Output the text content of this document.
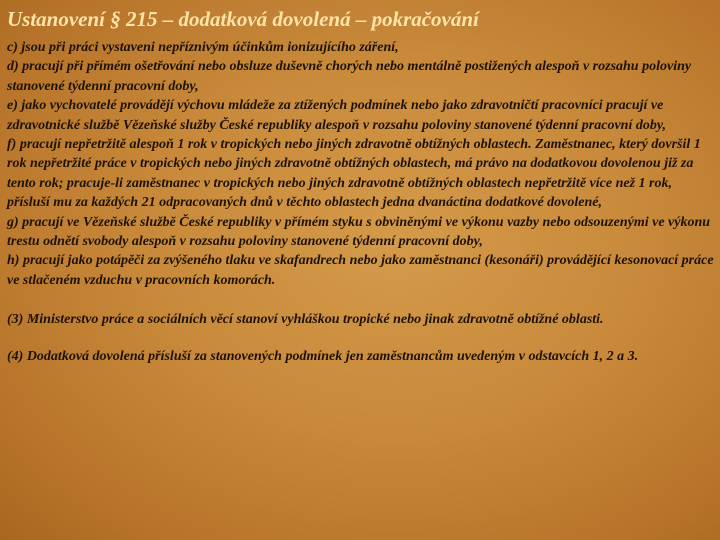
Ustanovení § 215 – dodatková dovolená – pokračování

c) jsou při práci vystaveni nepříznivým účinkům ionizujícího záření,

d) pracují při přímém ošetřování nebo obsluze duševně chorých nebo mentálně postižených alespoň v rozsahu poloviny stanovené týdenní pracovní doby,

e) jako vychovatelé provádějí výchovu mládeže za ztížených podmínek nebo jako zdravotničtí pracovníci pracují ve zdravotnické službě Vězeňské služby České republiky alespoň v rozsahu poloviny stanovené týdenní pracovní doby,

f) pracují nepřetržitě alespoň 1 rok v tropických nebo jiných zdravotně obtížných oblastech. Zaměstnanec, který dovršil 1 rok nepřetržité práce v tropických nebo jiných zdravotně obtížných oblastech, má právo na dodatkovou dovolenou již za tento rok; pracuje-li zaměstnanec v tropických nebo jiných zdravotně obtížných oblastech nepřetržitě více než 1 rok, přísluší mu za každých 21 odpracovaných dnů v těchto oblastech jedna dvanáctina dodatkové dovolené,

g) pracují ve Vězeňské službě České republiky v přímém styku s obviněnými ve výkonu vazby nebo odsouzenými ve výkonu trestu odnětí svobody alespoň v rozsahu poloviny stanovené týdenní pracovní doby,

h) pracují jako potápěči za zvýšeného tlaku ve skafandrech nebo jako zaměstnanci (kesonáři) provádějící kesonovací práce ve stlačeném vzduchu v pracovních komorách.

(3) Ministerstvo práce a sociálních věcí stanoví vyhláškou tropické nebo jinak zdravotně obtížné oblasti.

(4) Dodatková dovolená přísluší za stanovených podmínek jen zaměstnancům uvedeným v odstavcích 1, 2 a 3.
